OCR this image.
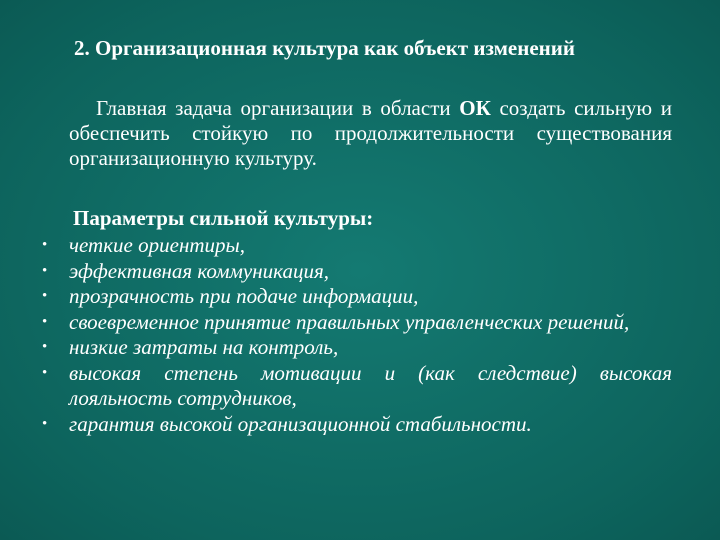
2. Организационная культура как объект изменений
Главная задача организации в области ОК создать сильную и обеспечить стойкую по продолжительности существования организационную культуру.
Параметры сильной культуры:
• четкие ориентиры,
• эффективная коммуникация,
• прозрачность при подаче информации,
• своевременное принятие правильных управленческих решений,
• низкие затраты на контроль,
• высокая степень мотивации и (как следствие) высокая лояльность сотрудников,
• гарантия высокой организационной стабильности.
